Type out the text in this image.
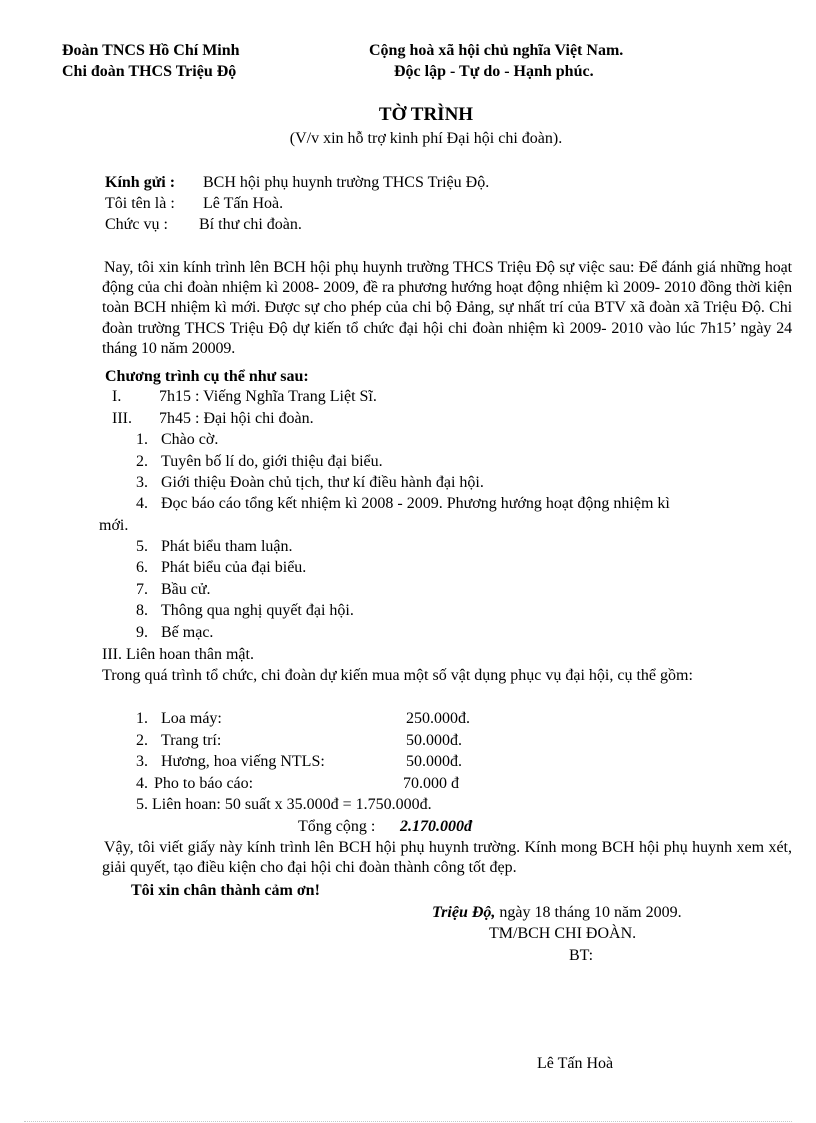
Đoàn TNCS Hồ Chí Minh
Chi đoàn THCS Triệu Độ
Cộng hoà xã hội chủ nghĩa Việt Nam.
Độc lập - Tự do - Hạnh phúc.
TỜ TRÌNH
(V/v xin hỗ trợ kinh phí Đại hội chi đoàn).
Kính gửi : BCH hội phụ huynh trường THCS Triệu Độ.
Tôi tên là : Lê Tấn Hoà.
Chức vụ : Bí thư chi đoàn.
Nay, tôi xin kính trình lên BCH hội phụ huynh trường THCS Triệu Độ sự việc sau: Để đánh giá những hoạt động của chi đoàn nhiệm kì 2008- 2009, đề ra phương hướng hoạt động nhiệm kì 2009- 2010 đồng thời kiện toàn BCH nhiệm kì mới. Được sự cho phép của chi bộ Đảng, sự nhất trí của BTV xã đoàn xã Triệu Độ. Chi đoàn trường THCS Triệu Độ dự kiến tổ chức đại hội chi đoàn nhiệm kì 2009- 2010 vào lúc 7h15’ ngày 24 tháng 10 năm 20009.
Chương trình cụ thể như sau:
I. 7h15 : Viếng Nghĩa Trang Liệt Sĩ.
III. 7h45 : Đại hội chi đoàn.
1. Chào cờ.
2. Tuyên bố lí do, giới thiệu đại biểu.
3. Giới thiệu Đoàn chủ tịch, thư kí điều hành đại hội.
4. Đọc báo cáo tổng kết nhiệm kì 2008 - 2009. Phương hướng hoạt động nhiệm kì
mới.
5. Phát biểu tham luận.
6. Phát biểu của đại biểu.
7. Bầu cử.
8. Thông qua nghị quyết đại hội.
9. Bế mạc.
III. Liên hoan thân mật.
Trong quá trình tổ chức, chi đoàn dự kiến mua một số vật dụng phục vụ đại hội, cụ thể gồm:
1. Loa máy:	250.000đ.
2. Trang trí:	50.000đ.
3. Hương, hoa viếng NTLS:	50.000đ.
4. Pho to báo cáo:	70.000 đ
5. Liên hoan: 50 suất x 35.000đ = 1.750.000đ.
Tổng cộng : 2.170.000đ
Vậy, tôi viết giấy này kính trình lên BCH hội phụ huynh trường. Kính mong BCH hội phụ huynh xem xét, giải quyết, tạo điều kiện cho đại hội chi đoàn thành công tốt đẹp.
Tôi xin chân thành cảm ơn!
Triệu Độ, ngày 18 tháng 10 năm 2009.
TM/BCH CHI ĐOÀN.
BT:
Lê Tấn Hoà
